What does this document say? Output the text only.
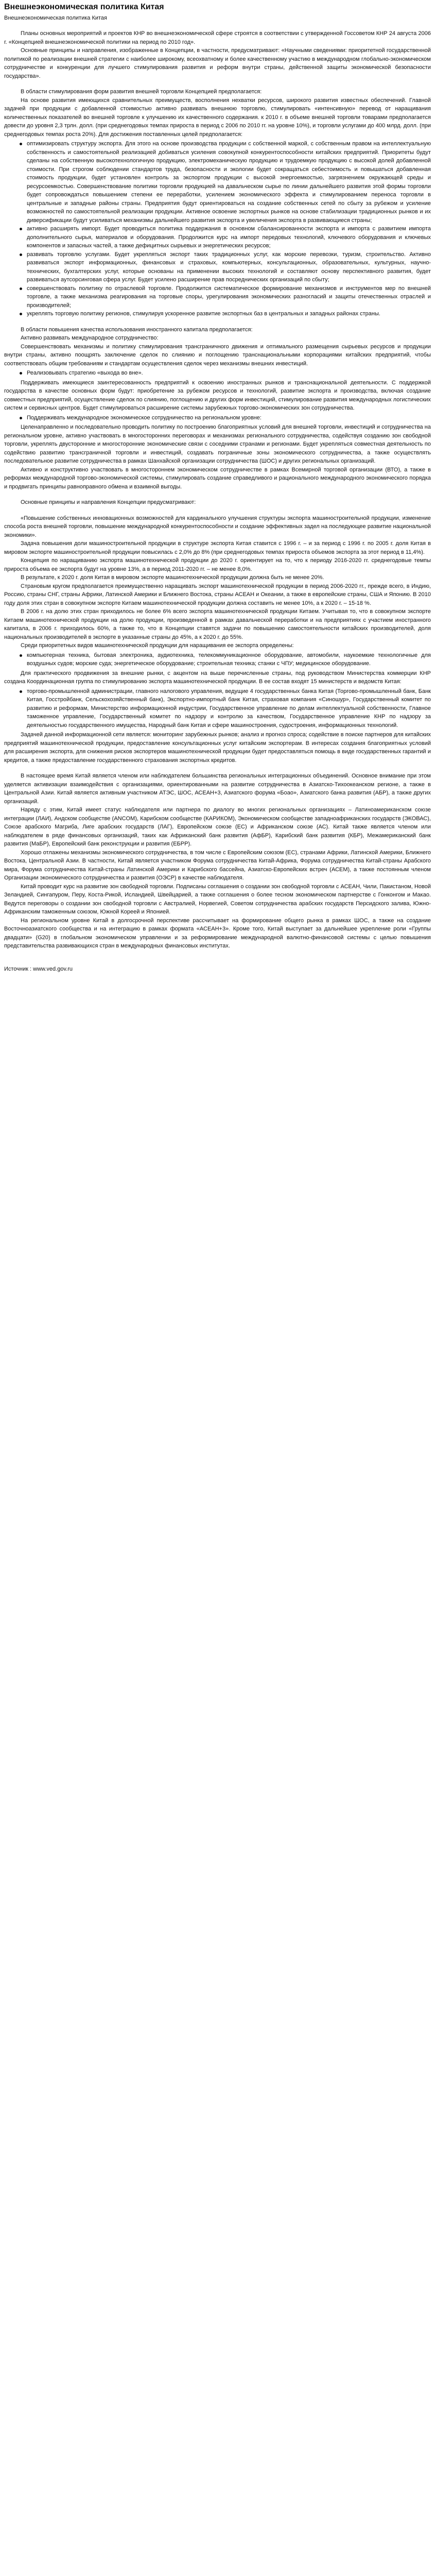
Внешнеэкономическая политика Китая
Внешнеэкономическая политика Китая

Планы основных мероприятий и проектов КНР во внешнеэкономической сфере строятся в соответствии с утвержденной Госсоветом КНР 24 августа 2006 г. «Концепцией внешнеэкономической политики на период по 2010 год».

Основные принципы и направления, изображенные в Концепции, в частности, предусматривают: «Научными сведениями: приоритетной государственной политикой по реализации внешней стратегии с наиболее широкому, всеохватному и более качественному участию в международном глобально-экономическом сотрудничестве и конкуренции для лучшего стимулирования развития и реформ внутри страны, действенной защиты экономической безопасности государства».

В области стимулирования форм развития внешней торговли Концепцией предполагается:

На основе развития имеющихся сравнительных преимуществ, восполнения нехватки ресурсов, широкого развития известных обеспечений. Главной задачей при продукции с добавленной стоимостью активно развивать внешнюю торговлю, стимулировать «интенсивную» перевод от наращивания количественных показателей во внешней торговле к улучшению их качественного содержания. к 2010 г. в объеме внешней торговли товарами предполагается довести до уровня 2,3 трлн. долл. (при среднегодовых темпах прироста в период с 2006 по 2010 гг. на уровне 10%), и торговли услугами до 400 млрд. долл. (при среднегодовых темпах роста 20%). Для достижения поставленных целей предполагается:

оптимизировать структуру экспорта. Для этого на основе производства продукции с собственной маркой, с собственным правом на интеллектуальную собственность и самостоятельной реализацией добиваться усиления совокупной конкурентоспособности китайских предприятий. Приоритеты будут сделаны на собственную высокотехнологичную продукцию, электромеханическую продукцию и трудоемкую продукцию с высокой долей добавленной стоимости. При строгом соблюдении стандартов труда, безопасности и экологии будет сокращаться себестоимость и повышаться добавленная стоимость продукции, будет установлен контроль за экспортом продукции с высокой энергоемкостью, загрязнением окружающей среды и ресурсоемкостью. Совершенствование политики торговли продукцией на давальческом сырье по линии дальнейшего развития этой формы торговли будет сопровождаться повышением степени ее переработки, усилением экономического эффекта и стимулированием переноса торговли в центральные и западные районы страны. Предприятия будут ориентироваться на создание собственных сетей по сбыту за рубежом и усиление возможностей по самостоятельной реализации продукции. Активное освоение экспортных рынков на основе стабилизации традиционных рынков и их диверсификации будут усиливаться механизмы дальнейшего развития экспорта и увеличения экспорта в развивающиеся страны;
активно расширять импорт. Будет проводиться политика поддержания в основном сбалансированности экспорта и импорта с развитием импорта дополнительного сырья, материалов и оборудования. Продолжится курс на импорт передовых технологий, ключевого оборудования и ключевых компонентов и запасных частей, а также дефицитных сырьевых и энергетических ресурсов;
развивать торговлю услугами. Будет укрепляться экспорт таких традиционных услуг, как морские перевозки, туризм, строительство. Активно развиваться экспорт информационных, финансовых и страховых, компьютерных, консультационных, образовательных, культурных, научно-технических, бухгалтерских услуг, которые основаны на применении высоких технологий и составляют основу перспективного развития, будет развиваться аутсорсинговая сфера услуг. Будет усилено расширение прав посреднических организаций по сбыту;
совершенствовать политику по отраслевой торговле. Продолжится систематическое формирование механизмов и инструментов мер по внешней торговле, а также механизма реагирования на торговые споры, урегулирования экономических разногласий и защиты отечественных отраслей и производителей;
укреплять торговую политику регионов, стимулируя ускоренное развитие экспортных баз в центральных и западных районах страны.

В области повышения качества использования иностранного капитала предполагается:

Активно развивать международное сотрудничество:

Совершенствовать механизмы и политику стимулирования трансграничного движения и оптимального размещения сырьевых ресурсов и продукции внутри страны, активно поощрять заключение сделок по слиянию и поглощению транснациональными корпорациями китайских предприятий, чтобы соответствовать общим требованиям и стандартам осуществления сделок через механизмы внешних инвестиций.

Реализовывать стратегию «выхода во вне».

Поддерживать имеющиеся заинтересованность предприятий к освоению иностранных рынков и транснациональной деятельности. С поддержкой государства в качестве основных форм будут: приобретение за рубежом ресурсов и технологий, развитие экспорта и производства, включая создание совместных предприятий, осуществление сделок по слиянию, поглощению и других форм инвестиций, стимулирование развития международных логистических систем и сервисных центров. Будет стимулироваться расширение системы зарубежных торгово-экономических зон сотрудничества.

Поддерживать международное экономическое сотрудничество на региональном уровне:

Целенаправленно и последовательно проводить политику по построению благоприятных условий для внешней торговли, инвестиций и сотрудничества на региональном уровне, активно участвовать в многосторонних переговорах и механизмах регионального сотрудничества, содействуя созданию зон свободной торговли, укреплять двусторонние и многосторонние экономические связи с соседними странами и регионами. Будет укрепляться совместная деятельность по содействию развитию трансграничной торговли и инвестиций, создавать пограничные зоны экономического сотрудничества, а также осуществлять последовательное развитие сотрудничества в рамках Шанхайской организации сотрудничества (ШОС) и других региональных организаций.

Активно и конструктивно участвовать в многостороннем экономическом сотрудничестве в рамках Всемирной торговой организации (ВТО), а также в реформах международной торгово-экономической системы, стимулировать создание справедливого и рационального международного экономического порядка и продвигать принципы равноправного обмена и взаимной выгоды.

Основные принципы и направления Концепции предусматривают:

«Повышение собственных инновационных возможностей для кардинального улучшения структуры экспорта машиностроительной продукции, изменение способа роста внешней торговли, повышение международной конкурентоспособности и создание эффективных задел на последующее развитие национальной экономики».

Задача повышения доли машиностроительной продукции в структуре экспорта Китая ставится с 1996 г. – и за период с 1996 г. по 2005 г. доля Китая в мировом экспорте машиностроительной продукции повысилась с 2,0% до 8% (при среднегодовых темпах прироста объемов экспорта за этот период в 11,4%).

Концепция по наращиванию экспорта машинотехнической продукции до 2020 г. ориентирует на то, что к периоду 2016-2020 гг. среднегодовые темпы прироста объема ее экспорта будут на уровне 13%, а в период 2011-2020 гг. – не менее 8,0%.

В результате, к 2020 г. доля Китая в мировом экспорте машинотехнической продукции должна быть не менее 20%.

Страновым кругом предполагается преимущественно наращивать экспорт машинотехнической продукции в период 2006-2020 гг., прежде всего, в Индию, Россию, страны СНГ, страны Африки, Латинской Америки и Ближнего Востока, страны АСЕАН и Океании, а также в европейские страны, США и Японию. В 2010 году доля этих стран в совокупном экспорте Китаем машинотехнической продукции должна составить не менее 10%, а к 2020 г. – 15-18 %.

В 2006 г. на долю этих стран приходилось не более 6% всего экспорта машинотехнической продукции Китаем. Учитывая то, что в совокупном экспорте Китаем машинотехнической продукции на долю продукции, произведенной в рамках давальческой переработки и на предприятиях с участием иностранного капитала, в 2006 г. приходилось 60%, а также то, что в Концепции ставятся задачи по повышению самостоятельности китайских производителей, доля национальных производителей в экспорте в указанные страны до 45%, а к 2020 г. до 55%.

Среди приоритетных видов машинотехнической продукции для наращивания ее экспорта определены:

компьютерная техника, бытовая электроника, аудиотехника, телекоммуникационное оборудование, автомобили, наукоемкие технологичные для воздушных судов; морские суда; энергетическое оборудование; строительная техника; станки с ЧПУ; медицинское оборудование.

Для практического продвижения за внешние рынки, с акцентом на выше перечисленные страны, под руководством Министерства коммерции КНР создана Координационная группа по стимулированию экспорта машинотехнической продукции. В ее состав входят 15 министерств и ведомств Китая:

торгово-промышленной администрации, главного налогового управления, ведущие 4 государственных банка Китая (Торгово-промышленный банк, Банк Китая, Госстройбанк, Сельскохозяйственный банк), Экспортно-импортный банк Китая, страховая компания «Синошур», Государственный комитет по развитию и реформам, Министерство информационной индустрии, Государственное управление по делам интеллектуальной собственности, Главное таможенное управление, Государственный комитет по надзору и контролю за качеством, Государственное управление КНР по надзору за деятельностью государственного имущества, Народный банк Китая и сфере машиностроения, судостроения, информационных технологий.

Задачей данной информационной сети является: мониторинг зарубежных рынков; анализ и прогноз спроса; содействие в поиске партнеров для китайских предприятий машинотехнической продукции, предоставление консультационных услуг китайским экспортерам. В интересах создания благоприятных условий для расширения экспорта, для снижения рисков экспортеров машинотехнической продукции будет предоставляться помощь в виде государственных гарантий и кредитов, а также предоставление государственного страхования экспортных кредитов.

В настоящее время Китай является членом или наблюдателем большинства региональных интеграционных объединений. Основное внимание при этом уделяется активизации взаимодействия с организациями, ориентированными на развитие сотрудничества в Азиатско-Тихоокеанском регионе, а также в Центральной Азии. Китай является активным участником АТЭС, ШОС, АСЕАН+3, Азиатского форума «Боао», Азиатского банка развития (АБР), а также других организаций.

Наряду с этим, Китай имеет статус наблюдателя или партнера по диалогу во многих региональных организациях – Латиноамериканском союзе интеграции (ЛАИ), Андском сообществе (ANCOM), Карибском сообществе (КАРИКОМ), Экономическом сообществе западноафриканских государств (ЭКОВАС), Союзе арабского Магриба, Лиге арабских государств (ЛАГ), Европейском союзе (ЕС) и Африканском союзе (АС). Китай также является членом или наблюдателем в ряде финансовых организаций, таких как Африканский банк развития (АфБР), Карибский банк развития (КБР), Межамериканский банк развития (МаБР), Европейский банк реконструкции и развития (ЕБРР).

Хорошо отлажены механизмы экономического сотрудничества, в том числе с Европейским союзом (ЕС), странами Африки, Латинской Америки, Ближнего Востока, Центральной Азии. В частности, Китай является участником Форума сотрудничества Китай-Африка, Форума сотрудничества Китай-страны Арабского мира, Форума сотрудничества Китай-страны Латинской Америки и Карибского бассейна, Азиатско-Европейских встреч (АСЕМ), а также постоянным членом Организации экономического сотрудничества и развития (ОЭСР) в качестве наблюдателя.

Китай проводит курс на развитие зон свободной торговли. Подписаны соглашения о создании зон свободной торговли с АСЕАН, Чили, Пакистаном, Новой Зеландией, Сингапуром, Перу, Коста-Рикой, Исландией, Швейцарией, а также соглашения о более тесном экономическом партнерстве с Гонконгом и Макао. Ведутся переговоры о создании зон свободной торговли с Австралией, Норвегией, Советом сотрудничества арабских государств Персидского залива, Южно-Африканским таможенным союзом, Южной Кореей и Японией.

На региональном уровне Китай в долгосрочной перспективе рассчитывает на формирование общего рынка в рамках ШОС, а также на создание Восточноазиатского сообщества и на интеграцию в рамках формата «АСЕАН+3». Кроме того, Китай выступает за дальнейшее укрепление роли «Группы двадцати» (G20) в глобальном экономическом управлении и за реформирование международной валютно-финансовой системы с целью повышения представительства развивающихся стран в международных финансовых институтах.

Источник : www.ved.gov.ru
